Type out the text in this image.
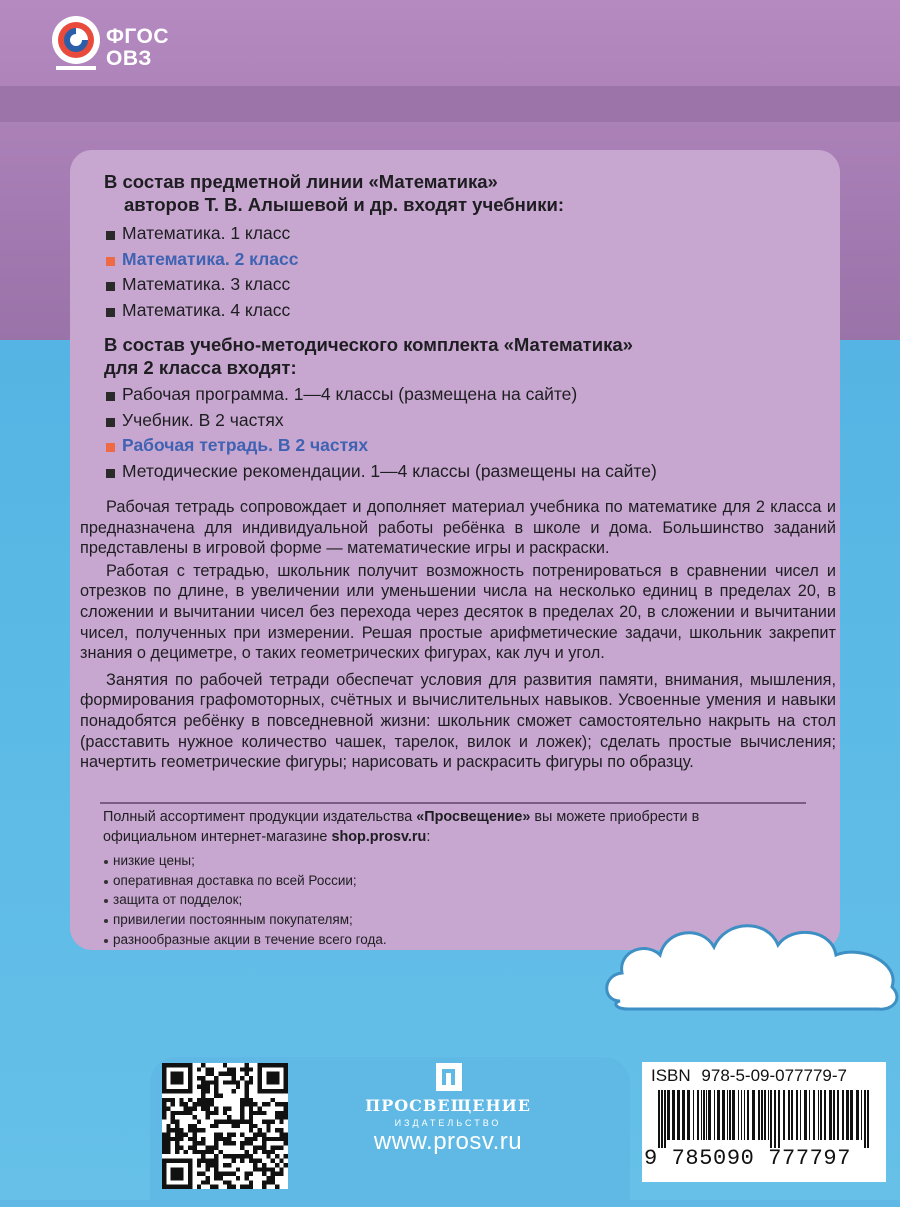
ФГОС
ОВЗ

В состав предметной линии «Математика»
авторов Т. В. Алышевой и др. входят учебники:

Математика. 1 класс
Математика. 2 класс
Математика. 3 класс
Математика. 4 класс

В состав учебно-методического комплекта «Математика»
для 2 класса входят:

Рабочая программа. 1—4 классы (размещена на сайте)
Учебник. В 2 частях
Рабочая тетрадь. В 2 частях
Методические рекомендации. 1—4 классы (размещены на сайте)

Рабочая тетрадь сопровождает и дополняет материал учебника по математике для 2 класса и предназначена для индивидуальной работы ребёнка в школе и дома. Большинство заданий представлены в игровой форме — математические игры и раскраски.

Работая с тетрадью, школьник получит возможность потренироваться в сравнении чисел и отрезков по длине, в увеличении или уменьшении числа на несколько единиц в пределах 20, в сложении и вычитании чисел без перехода через десяток в пределах 20, в сложении и вычитании чисел, полученных при измерении. Решая простые арифметические задачи, школьник закрепит знания о дециметре, о таких геометрических фигурах, как луч и угол.

Занятия по рабочей тетради обеспечат условия для развития памяти, внимания, мышления, формирования графомоторных, счётных и вычислительных навыков. Усвоенные умения и навыки понадобятся ребёнку в повседневной жизни: школьник сможет самостоятельно накрыть на стол (расставить нужное количество чашек, тарелок, вилок и ложек); сделать простые вычисления; начертить геометрические фигуры; нарисовать и раскрасить фигуры по образцу.

Полный ассортимент продукции издательства «Просвещение» вы можете приобрести в официальном интернет-магазине shop.prosv.ru:

низкие цены;
оперативная доставка по всей России;
защита от подделок;
привилегии постоянным покупателям;
разнообразные акции в течение всего года.
ПРОСВЕЩЕНИЕ
ИЗДАТЕЛЬСТВО
www.prosv.ru
ISBN 978-5-09-077779-7
9 785090 777797
